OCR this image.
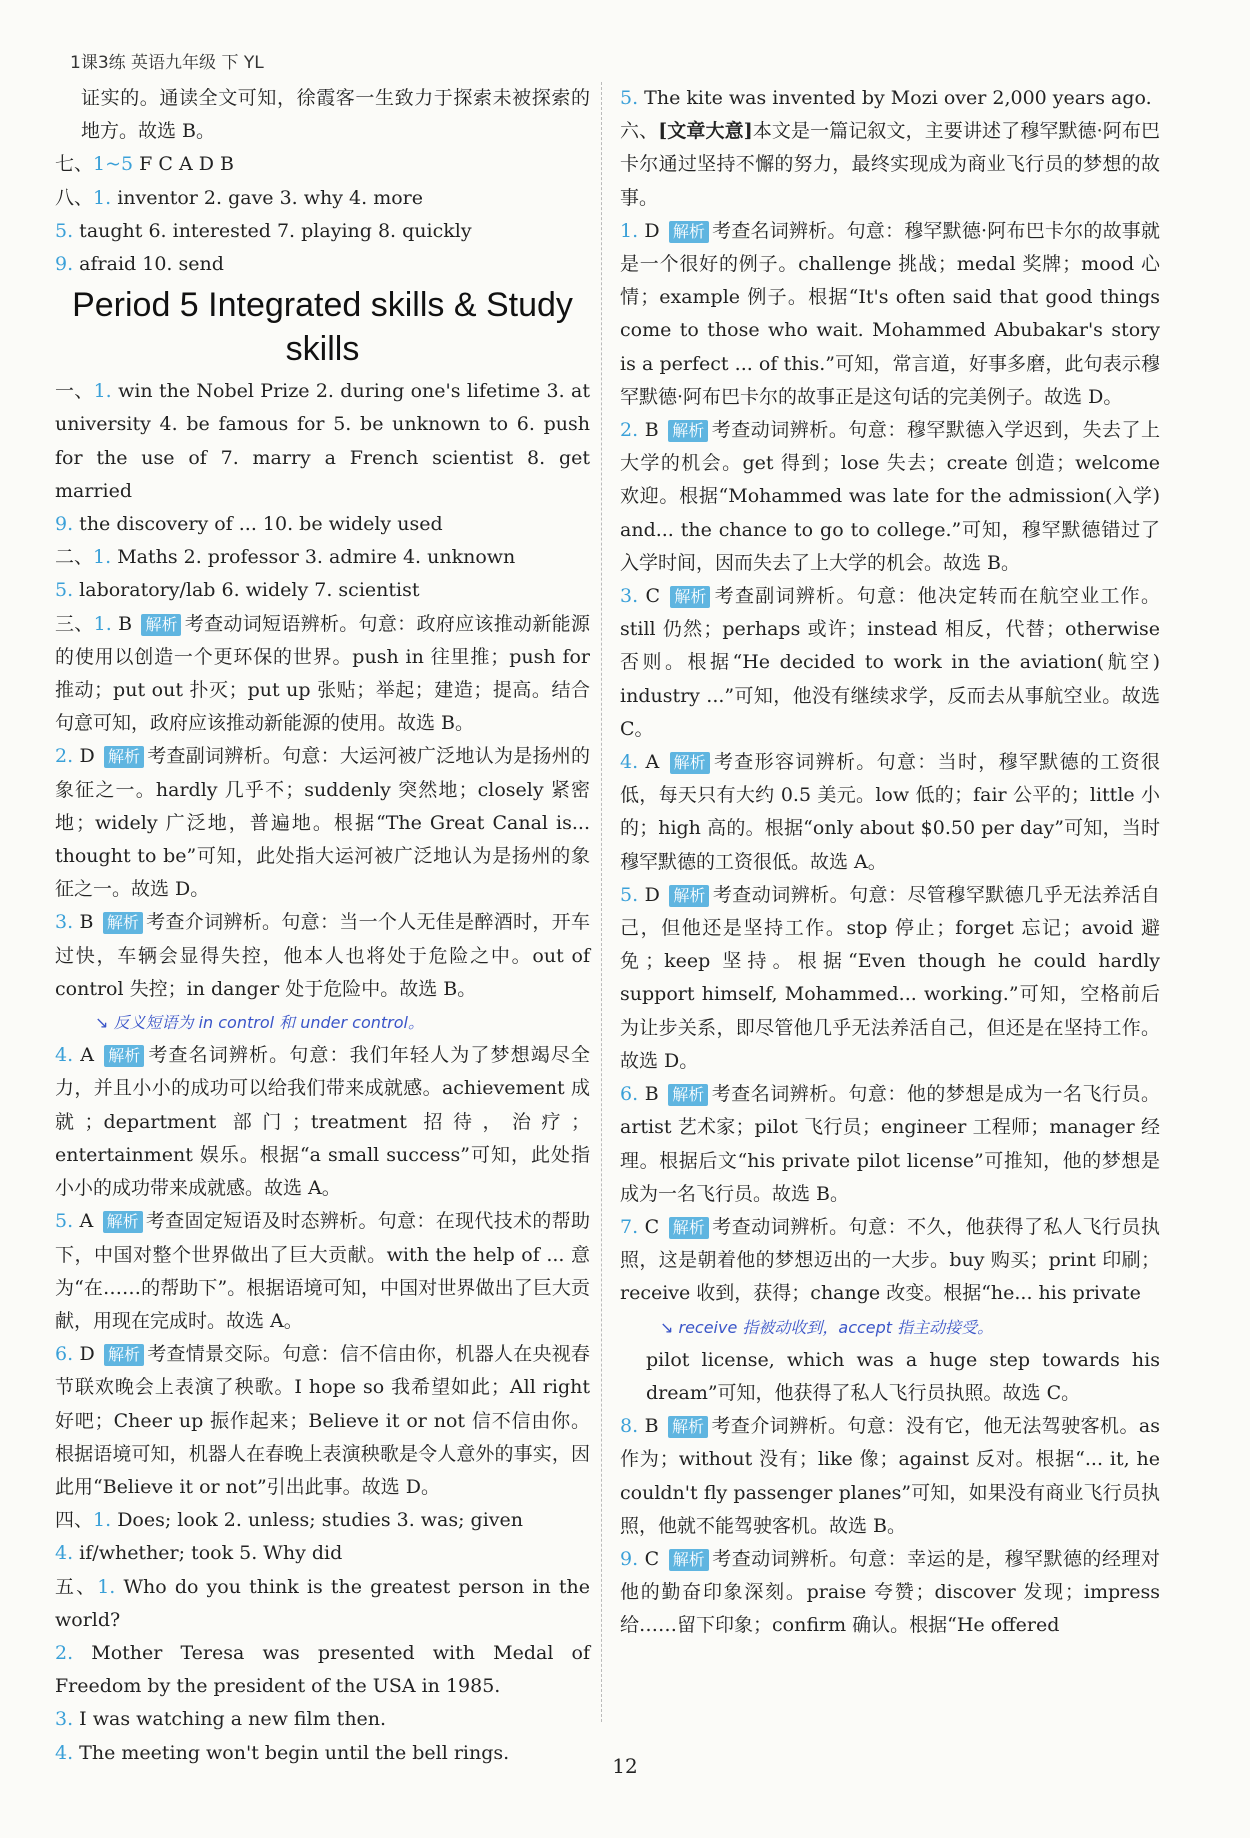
1课3练 英语九年级 下 YL
证实的。通读全文可知，徐霞客一生致力于探索未被探索的地方。故选 B。
七、1~5 F C A D B
八、1. inventor 2. gave 3. why 4. more
5. taught 6. interested 7. playing 8. quickly
9. afraid 10. send
Period 5 Integrated skills & Study skills
一、1. win the Nobel Prize 2. during one's lifetime 3. at university 4. be famous for 5. be unknown to 6. push for the use of 7. marry a French scientist 8. get married
9. the discovery of ... 10. be widely used
二、1. Maths 2. professor 3. admire 4. unknown
5. laboratory/lab 6. widely 7. scientist
三、1. B 解析 考查动词短语辨析。句意：政府应该推动新能源的使用以创造一个更环保的世界。push in 往里推；push for 推动；put out 扑灭；put up 张贴；举起；建造；提高。结合句意可知，政府应该推动新能源的使用。故选 B。
2. D 解析 考查副词辨析。句意：大运河被广泛地认为是扬州的象征之一。hardly 几乎不；suddenly 突然地；closely 紧密地；widely 广泛地，普遍地。根据“The Great Canal is... thought to be”可知，此处指大运河被广泛地认为是扬州的象征之一。故选 D。
3. B 解析 考查介词辨析。句意：当一个人无佳是醉酒时，开车过快，车辆会显得失控，他本人也将处于危险之中。out of control 失控；in danger 处于危险中。故选 B。
↘ 反义短语为 in control 和 under control。
4. A 解析 考查名词辨析。句意：我们年轻人为了梦想竭尽全力，并且小小的成功可以给我们带来成就感。achievement 成就；department 部门；treatment 招待，治疗；entertainment 娱乐。根据“a small success”可知，此处指小小的成功带来成就感。故选 A。
5. A 解析 考查固定短语及时态辨析。句意：在现代技术的帮助下，中国对整个世界做出了巨大贡献。with the help of ... 意为“在……的帮助下”。根据语境可知，中国对世界做出了巨大贡献，用现在完成时。故选 A。
6. D 解析 考查情景交际。句意：信不信由你，机器人在央视春节联欢晚会上表演了秧歌。I hope so 我希望如此；All right 好吧；Cheer up 振作起来；Believe it or not 信不信由你。根据语境可知，机器人在春晚上表演秧歌是令人意外的事实，因此用“Believe it or not”引出此事。故选 D。
四、1. Does; look 2. unless; studies 3. was; given
4. if/whether; took 5. Why did
五、1. Who do you think is the greatest person in the world?
2. Mother Teresa was presented with Medal of Freedom by the president of the USA in 1985.
3. I was watching a new film then.
4. The meeting won't begin until the bell rings.
5. The kite was invented by Mozi over 2,000 years ago.
六、[文章大意]本文是一篇记叙文，主要讲述了穆罕默德·阿布巴卡尔通过坚持不懈的努力，最终实现成为商业飞行员的梦想的故事。
1. D 解析 考查名词辨析。句意：穆罕默德·阿布巴卡尔的故事就是一个很好的例子。challenge 挑战；medal 奖牌；mood 心情；example 例子。根据“It's often said that good things come to those who wait. Mohammed Abubakar's story is a perfect ... of this.”可知，常言道，好事多磨，此句表示穆罕默德·阿布巴卡尔的故事正是这句话的完美例子。故选 D。
2. B 解析 考查动词辨析。句意：穆罕默德入学迟到，失去了上大学的机会。get 得到；lose 失去；create 创造；welcome 欢迎。根据“Mohammed was late for the admission(入学) and... the chance to go to college.”可知，穆罕默德错过了入学时间，因而失去了上大学的机会。故选 B。
3. C 解析 考查副词辨析。句意：他决定转而在航空业工作。still 仍然；perhaps 或许；instead 相反，代替；otherwise 否则。根据“He decided to work in the aviation(航空) industry ...”可知，他没有继续求学，反而去从事航空业。故选 C。
4. A 解析 考查形容词辨析。句意：当时，穆罕默德的工资很低，每天只有大约 0.5 美元。low 低的；fair 公平的；little 小的；high 高的。根据“only about $0.50 per day”可知，当时穆罕默德的工资很低。故选 A。
5. D 解析 考查动词辨析。句意：尽管穆罕默德几乎无法养活自己，但他还是坚持工作。stop 停止；forget 忘记；avoid 避免；keep 坚持。根据“Even though he could hardly support himself, Mohammed... working.”可知，空格前后为让步关系，即尽管他几乎无法养活自己，但还是在坚持工作。故选 D。
6. B 解析 考查名词辨析。句意：他的梦想是成为一名飞行员。artist 艺术家；pilot 飞行员；engineer 工程师；manager 经理。根据后文“his private pilot license”可推知，他的梦想是成为一名飞行员。故选 B。
7. C 解析 考查动词辨析。句意：不久，他获得了私人飞行员执照，这是朝着他的梦想迈出的一大步。buy 购买；print 印刷；receive 收到，获得；change 改变。根据“he... his private
↘ receive 指被动收到，accept 指主动接受。
pilot license, which was a huge step towards his dream”可知，他获得了私人飞行员执照。故选 C。
8. B 解析 考查介词辨析。句意：没有它，他无法驾驶客机。as 作为；without 没有；like 像；against 反对。根据“... it, he couldn't fly passenger planes”可知，如果没有商业飞行员执照，他就不能驾驶客机。故选 B。
9. C 解析 考查动词辨析。句意：幸运的是，穆罕默德的经理对他的勤奋印象深刻。praise 夸赞；discover 发现；impress 给……留下印象；confirm 确认。根据“He offered
12
